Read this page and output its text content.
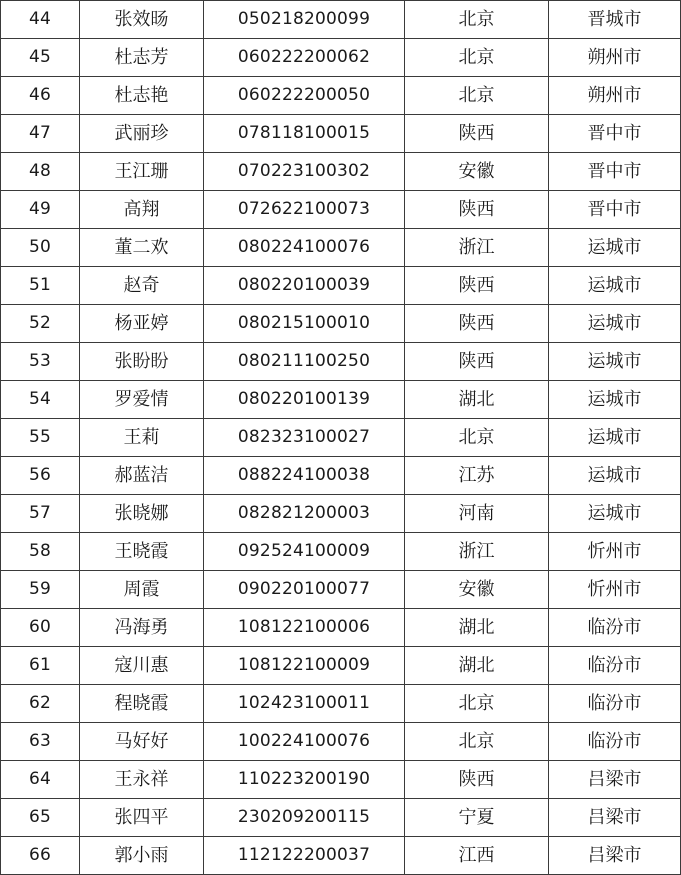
44	张效旸	050218200099	北京	晋城市
45	杜志芳	060222200062	北京	朔州市
46	杜志艳	060222200050	北京	朔州市
47	武丽珍	078118100015	陕西	晋中市
48	王江珊	070223100302	安徽	晋中市
49	高翔	072622100073	陕西	晋中市
50	董二欢	080224100076	浙江	运城市
51	赵奇	080220100039	陕西	运城市
52	杨亚婷	080215100010	陕西	运城市
53	张盼盼	080211100250	陕西	运城市
54	罗爱情	080220100139	湖北	运城市
55	王莉	082323100027	北京	运城市
56	郝蓝洁	088224100038	江苏	运城市
57	张晓娜	082821200003	河南	运城市
58	王晓霞	092524100009	浙江	忻州市
59	周霞	090220100077	安徽	忻州市
60	冯海勇	108122100006	湖北	临汾市
61	寇川惠	108122100009	湖北	临汾市
62	程晓霞	102423100011	北京	临汾市
63	马好好	100224100076	北京	临汾市
64	王永祥	110223200190	陕西	吕梁市
65	张四平	230209200115	宁夏	吕梁市
66	郭小雨	112122200037	江西	吕梁市
